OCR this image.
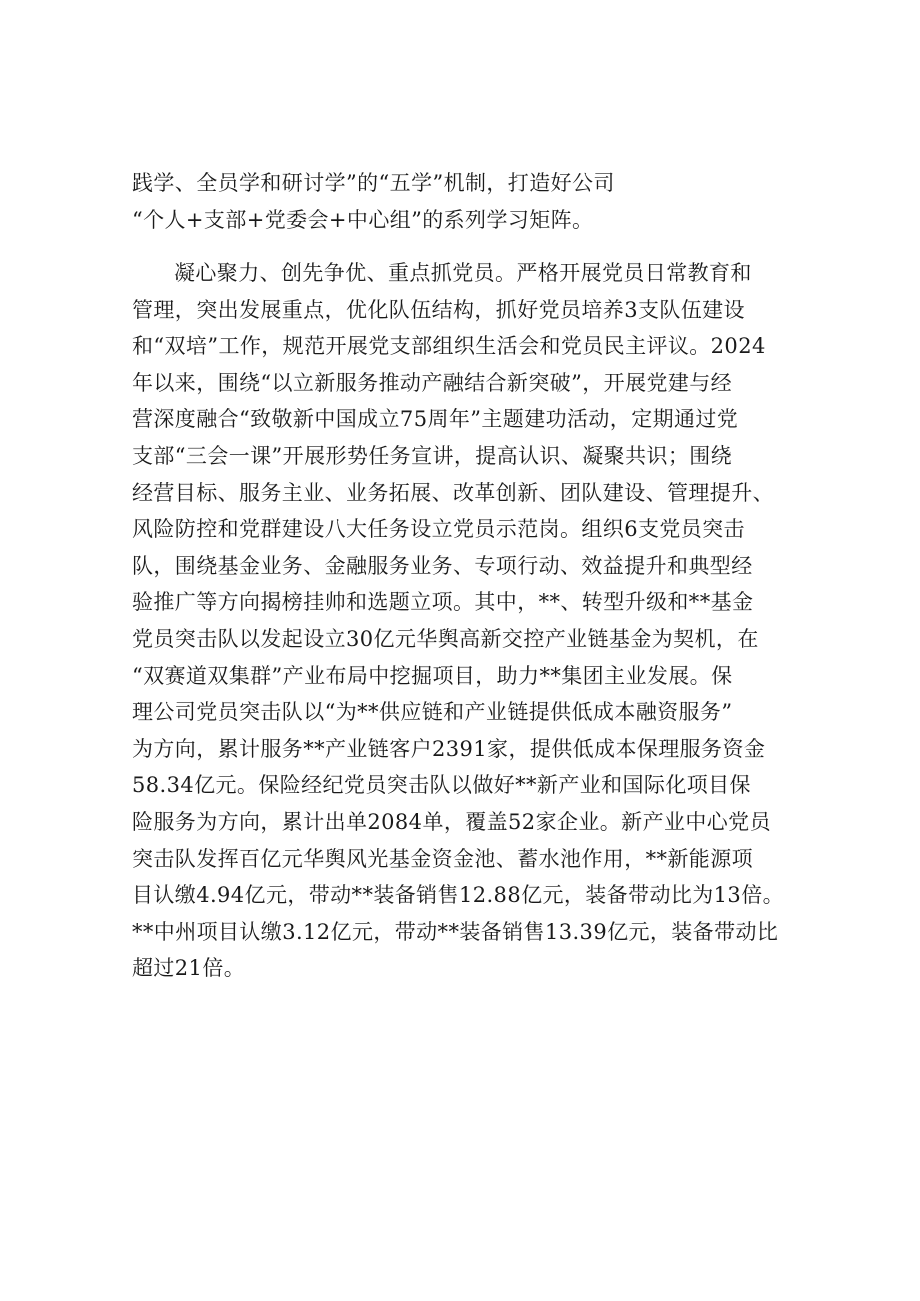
践学、全员学和研讨学”的“五学”机制，打造好公司
“个人+支部+党委会+中心组”的系列学习矩阵。
凝心聚力、创先争优、重点抓党员。严格开展党员日常教育和
管理，突出发展重点，优化队伍结构，抓好党员培养3支队伍建设
和“双培”工作，规范开展党支部组织生活会和党员民主评议。2024
年以来，围绕“以立新服务推动产融结合新突破”，开展党建与经
营深度融合“致敬新中国成立75周年”主题建功活动，定期通过党
支部“三会一课”开展形势任务宣讲，提高认识、凝聚共识；围绕
经营目标、服务主业、业务拓展、改革创新、团队建设、管理提升、
风险防控和党群建设八大任务设立党员示范岗。组织6支党员突击
队，围绕基金业务、金融服务业务、专项行动、效益提升和典型经
验推广等方向揭榜挂帅和选题立项。其中，**、转型升级和**基金
党员突击队以发起设立30亿元华舆高新交控产业链基金为契机，在
“双赛道双集群”产业布局中挖掘项目，助力**集团主业发展。保
理公司党员突击队以“为**供应链和产业链提供低成本融资服务”
为方向，累计服务**产业链客户2391家，提供低成本保理服务资金
58.34亿元。保险经纪党员突击队以做好**新产业和国际化项目保
险服务为方向，累计出单2084单，覆盖52家企业。新产业中心党员
突击队发挥百亿元华舆风光基金资金池、蓄水池作用，**新能源项
目认缴4.94亿元，带动**装备销售12.88亿元，装备带动比为13倍。
**中州项目认缴3.12亿元，带动**装备销售13.39亿元，装备带动比
超过21倍。
